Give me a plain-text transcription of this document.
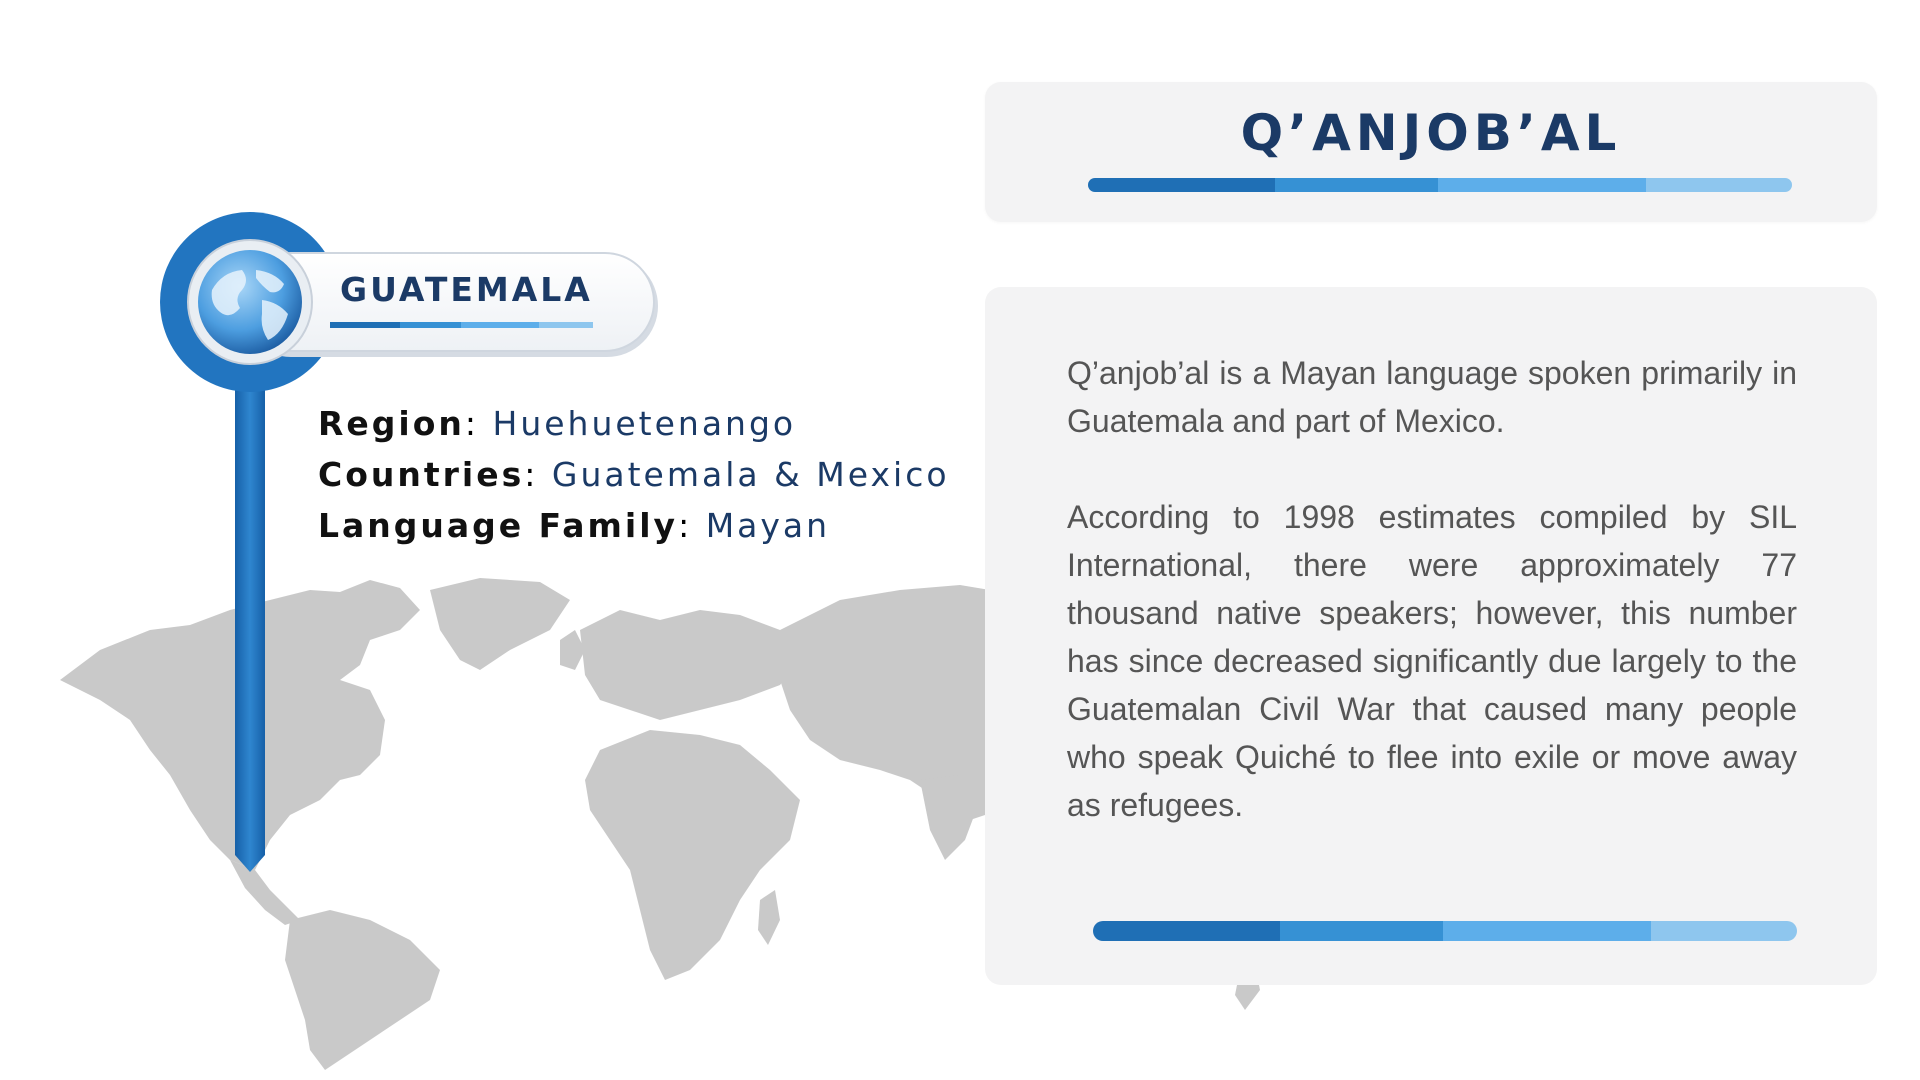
GUATEMALA
Region: Huehuetenango
Countries: Guatemala & Mexico
Language Family: Mayan
Q’ANJOB’AL

Q’anjob’al is a Mayan language spoken primarily in Guatemala and part of Mexico.

According to 1998 estimates compiled by SIL International, there were approximately 77 thousand native speakers; however, this number has since decreased significantly due largely to the Guatemalan Civil War that caused many people who speak Quiché to flee into exile or move away as refugees.
